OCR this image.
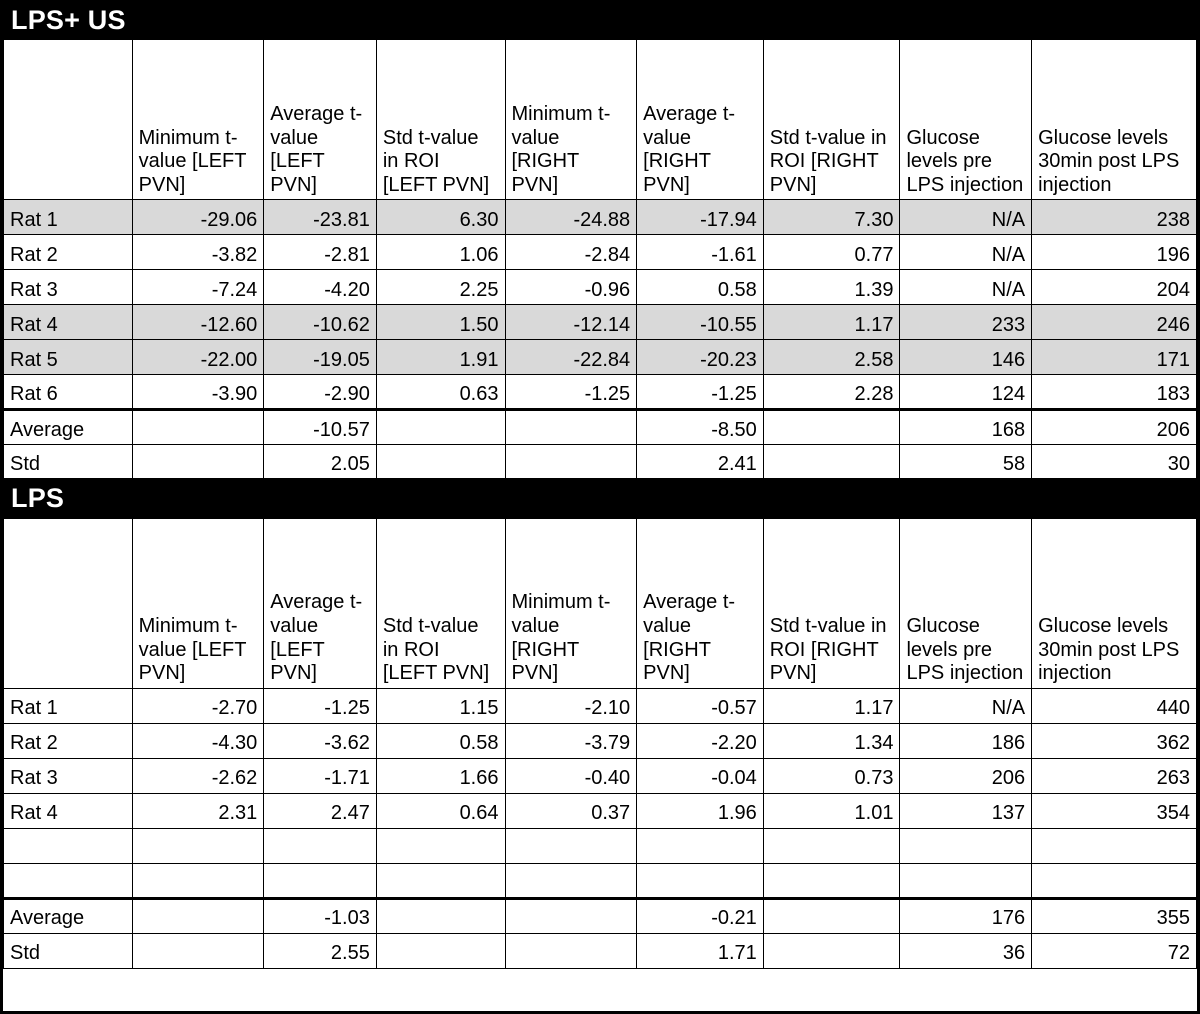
LPS+ US
	Minimum t-value [LEFT PVN]	Average t-value [LEFT PVN]	Std t-value in ROI [LEFT PVN]	Minimum t-value [RIGHT PVN]	Average t-value [RIGHT PVN]	Std t-value in ROI [RIGHT PVN]	Glucose levels pre LPS injection	Glucose levels 30min post LPS injection
Rat 1	-29.06	-23.81	6.30	-24.88	-17.94	7.30	N/A	238
Rat 2	-3.82	-2.81	1.06	-2.84	-1.61	0.77	N/A	196
Rat 3	-7.24	-4.20	2.25	-0.96	0.58	1.39	N/A	204
Rat 4	-12.60	-10.62	1.50	-12.14	-10.55	1.17	233	246
Rat 5	-22.00	-19.05	1.91	-22.84	-20.23	2.58	146	171
Rat 6	-3.90	-2.90	0.63	-1.25	-1.25	2.28	124	183
Average		-10.57			-8.50		168	206
Std		2.05			2.41		58	30
LPS
	Minimum t-value [LEFT PVN]	Average t-value [LEFT PVN]	Std t-value in ROI [LEFT PVN]	Minimum t-value [RIGHT PVN]	Average t-value [RIGHT PVN]	Std t-value in ROI [RIGHT PVN]	Glucose levels pre LPS injection	Glucose levels 30min post LPS injection
Rat 1	-2.70	-1.25	1.15	-2.10	-0.57	1.17	N/A	440
Rat 2	-4.30	-3.62	0.58	-3.79	-2.20	1.34	186	362
Rat 3	-2.62	-1.71	1.66	-0.40	-0.04	0.73	206	263
Rat 4	2.31	2.47	0.64	0.37	1.96	1.01	137	354

Average		-1.03			-0.21		176	355
Std		2.55			1.71		36	72
